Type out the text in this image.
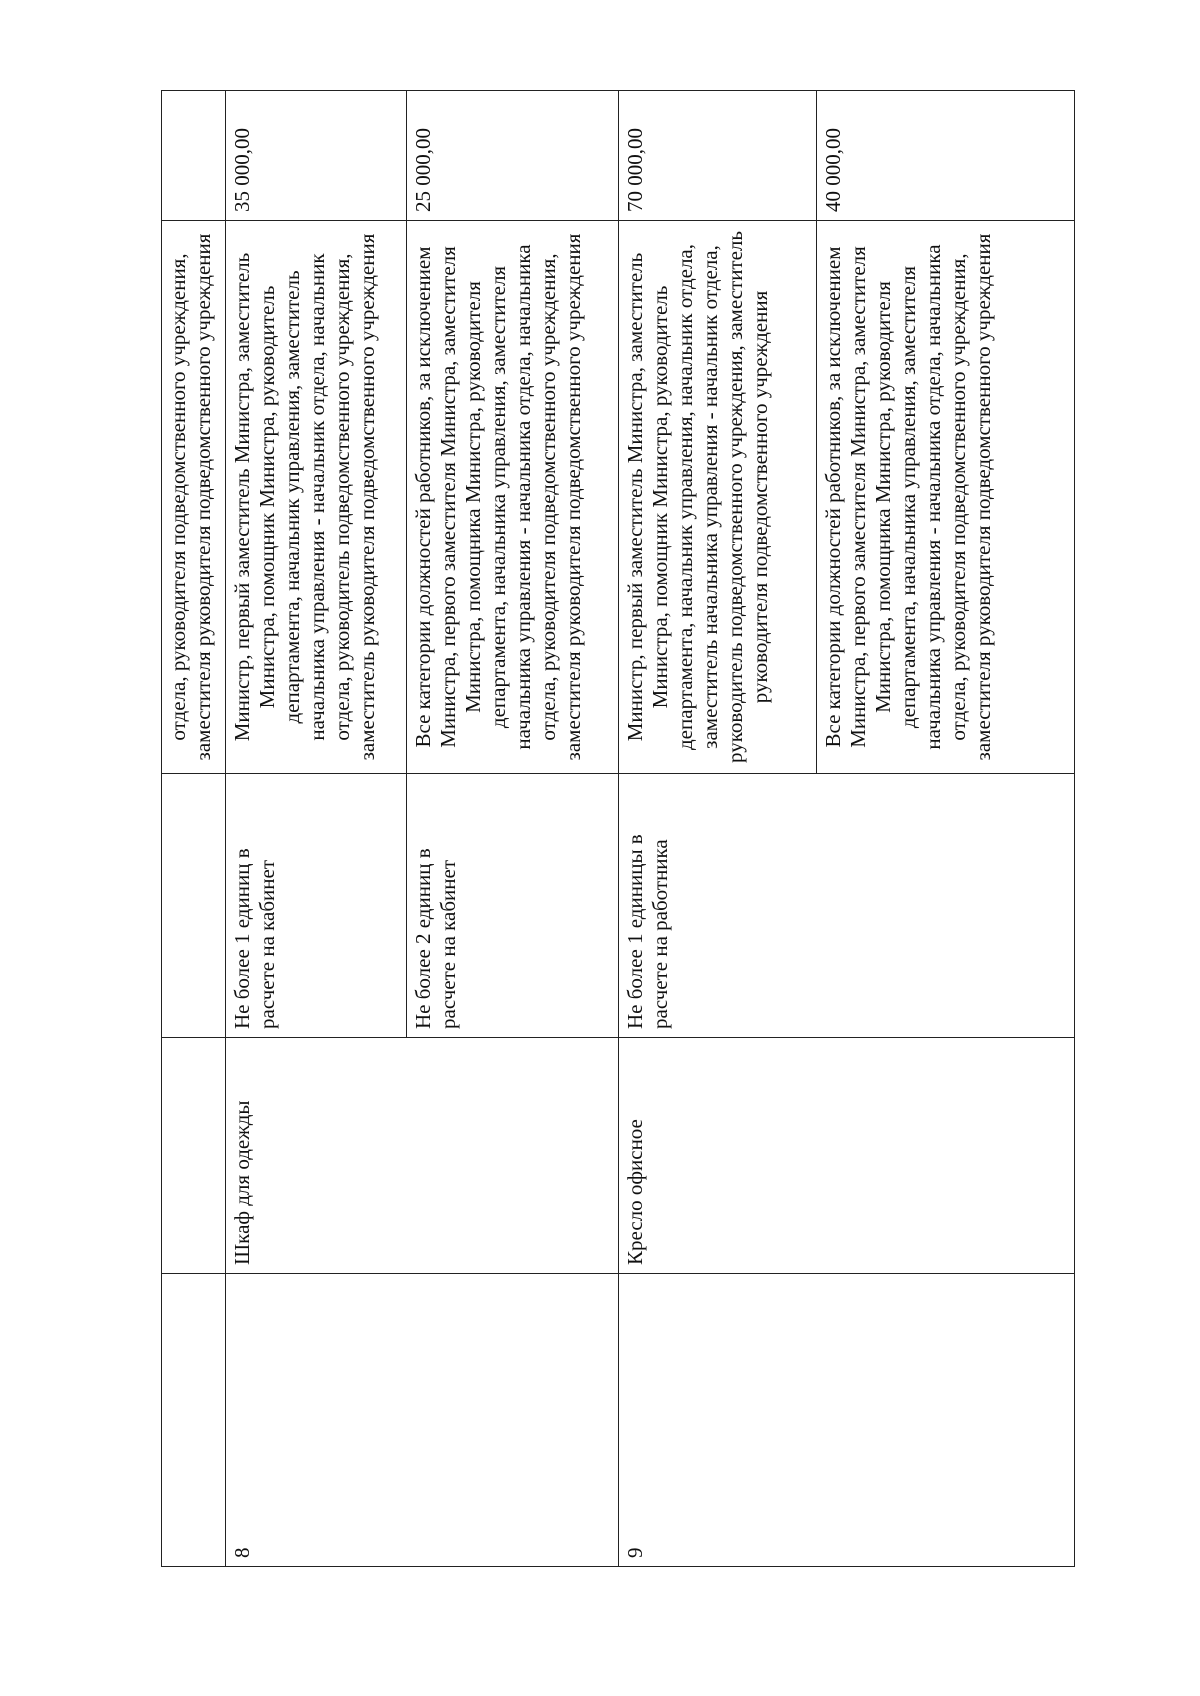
			отдела, руководителя подведомственного учреждения, заместителя руководителя подведомственного учреждения	
8	Шкаф для одежды	Не более 1 единиц в расчете на кабинет	Министр, первый заместитель Министра, заместитель Министра, помощник Министра, руководитель департамента, начальник управления, заместитель начальника управления - начальник отдела, начальник отдела, руководитель подведомственного учреждения, заместитель руководителя подведомственного учреждения	35 000,00
		Не более 2 единиц в расчете на кабинет	Все категории должностей работников, за исключением Министра, первого заместителя Министра, заместителя Министра, помощника Министра, руководителя департамента, начальника управления, заместителя начальника управления - начальника отдела, начальника отдела, руководителя подведомственного учреждения, заместителя руководителя подведомственного учреждения	25 000,00
9	Кресло офисное	Не более 1 единицы в расчете на работника	Министр, первый заместитель Министра, заместитель Министра, помощник Министра, руководитель департамента, начальник управления, начальник отдела, заместитель начальника управления - начальник отдела, руководитель подведомственного учреждения, заместитель руководителя подведомственного учреждения	70 000,00
			Все категории должностей работников, за исключением Министра, первого заместителя Министра, заместителя Министра, помощника Министра, руководителя департамента, начальника управления, заместителя начальника управления - начальника отдела, начальника отдела, руководителя подведомственного учреждения, заместителя руководителя подведомственного учреждения	40 000,00
